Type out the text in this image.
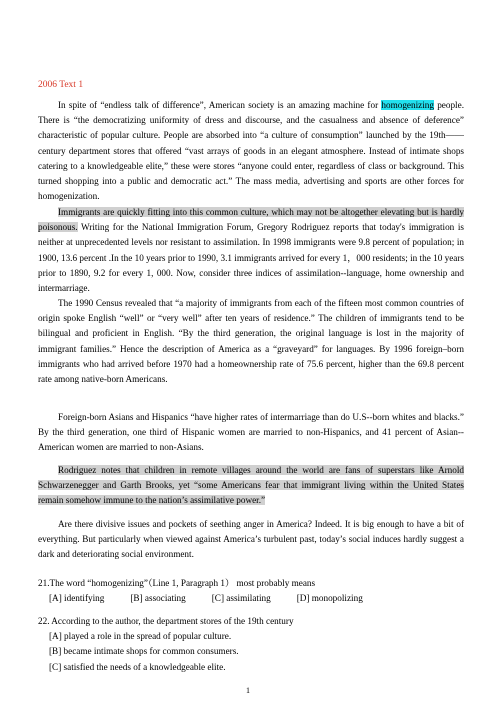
2006 Text 1

In spite of “endless talk of difference”, American society is an amazing machine for homogenizing people. There is “the democratizing uniformity of dress and discourse, and the casualness and absence of deference” characteristic of popular culture. People are absorbed into “a culture of consumption” launched by the 19th——century department stores that offered “vast arrays of goods in an elegant atmosphere. Instead of intimate shops catering to a knowledgeable elite,” these were stores “anyone could enter, regardless of class or background. This turned shopping into a public and democratic act.” The mass media, advertising and sports are other forces for homogenization.

Immigrants are quickly fitting into this common culture, which may not be altogether elevating but is hardly poisonous. Writing for the National Immigration Forum, Gregory Rodriguez reports that today's immigration is neither at unprecedented levels nor resistant to assimilation. In 1998 immigrants were 9.8 percent of population; in 1900, 13.6 percent .In the 10 years prior to 1990, 3.1 immigrants arrived for every 1，000 residents; in the 10 years prior to 1890, 9.2 for every 1, 000. Now, consider three indices of assimilation--language, home ownership and intermarriage.

The 1990 Census revealed that “a majority of immigrants from each of the fifteen most common countries of origin spoke English “well” or “very well” after ten years of residence.” The children of immigrants tend to be bilingual and proficient in English. “By the third generation, the original language is lost in the majority of immigrant families.” Hence the description of America as a “graveyard” for languages. By 1996 foreign–born immigrants who had arrived before 1970 had a homeownership rate of 75.6 percent, higher than the 69.8 percent rate among native-born Americans.

Foreign-born Asians and Hispanics “have higher rates of intermarriage than do U.S--born whites and blacks.” By the third generation, one third of Hispanic women are married to non-Hispanics, and 41 percent of Asian--American women are married to non-Asians.

Rodriguez notes that children in remote villages around the world are fans of superstars like Arnold Schwarzenegger and Garth Brooks, yet “some Americans fear that immigrant living within the United States remain somehow immune to the nation’s assimilative power.”

Are there divisive issues and pockets of seething anger in America? Indeed. It is big enough to have a bit of everything. But particularly when viewed against America’s turbulent past, today’s social induces hardly suggest a dark and deteriorating social environment.

21.The word “homogenizing”（Line 1, Paragraph 1） most probably means
[A] identifying	[B] associating	[C] assimilating	[D] monopolizing
22. According to the author, the department stores of the 19th century
[A] played a role in the spread of popular culture.
[B] became intimate shops for common consumers.
[C] satisfied the needs of a knowledgeable elite.
1
